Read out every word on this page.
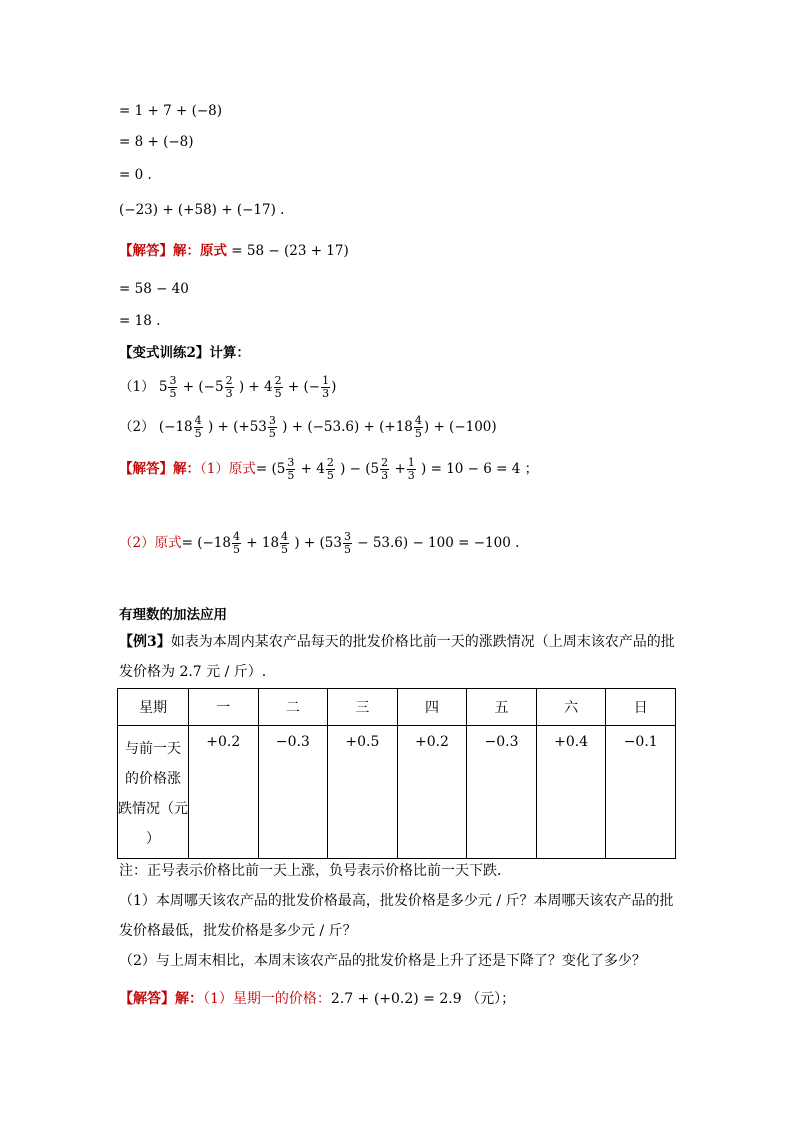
= 1 + 7 + (−8)
= 8 + (−8)
= 0 .
(−23) + (+58) + (−17) .
【解答】解：原式 = 58 − (23 + 17)
= 58 − 40
= 18 .
【变式训练2】计算：
（1） $5 \frac{3}{5} + (-5 \frac{2}{3}$ ) + $4 \frac{2}{5}$ + (− $\frac{1}{3}$ )
（2） ($-18 \frac{4}{5}$ ) + ($+53 \frac{3}{5}$ ) + $(-53.6) + (+18 \frac{4}{5}$ ) + (−100)
【解答】解：（1）原式= ($5 \frac{3}{5} + 4 \frac{2}{5}$ ) − ($5 \frac{2}{3} + \frac{1}{3}$ ) = 10 − 6 = 4 ；
（2）原式= ($-18 \frac{4}{5} + 18 \frac{4}{5}$ ) + $(53 \frac{3}{5} - 53.6) - 100 = -100$ .
有理数的加法应用
【例3】如表为本周内某农产品每天的批发价格比前一天的涨跌情况（上周末该农产品的批
发价格为 2.7 元 / 斤）.
星期	一	二	三	四	五	六	日

与前一天
的价格涨
跌情况（元
）	+0.2	−0.3	+0.5	+0.2	−0.3	+0.4	−0.1
注：正号表示价格比前一天上涨，负号表示价格比前一天下跌．
（1）本周哪天该农产品的批发价格最高，批发价格是多少元 / 斤？本周哪天该农产品的批
发价格最低，批发价格是多少元 / 斤？
（2）与上周末相比，本周末该农产品的批发价格是上升了还是下降了？变化了多少？
【解答】解：（1）星期一的价格：2.7 + (+0.2) = 2.9 （元）；
